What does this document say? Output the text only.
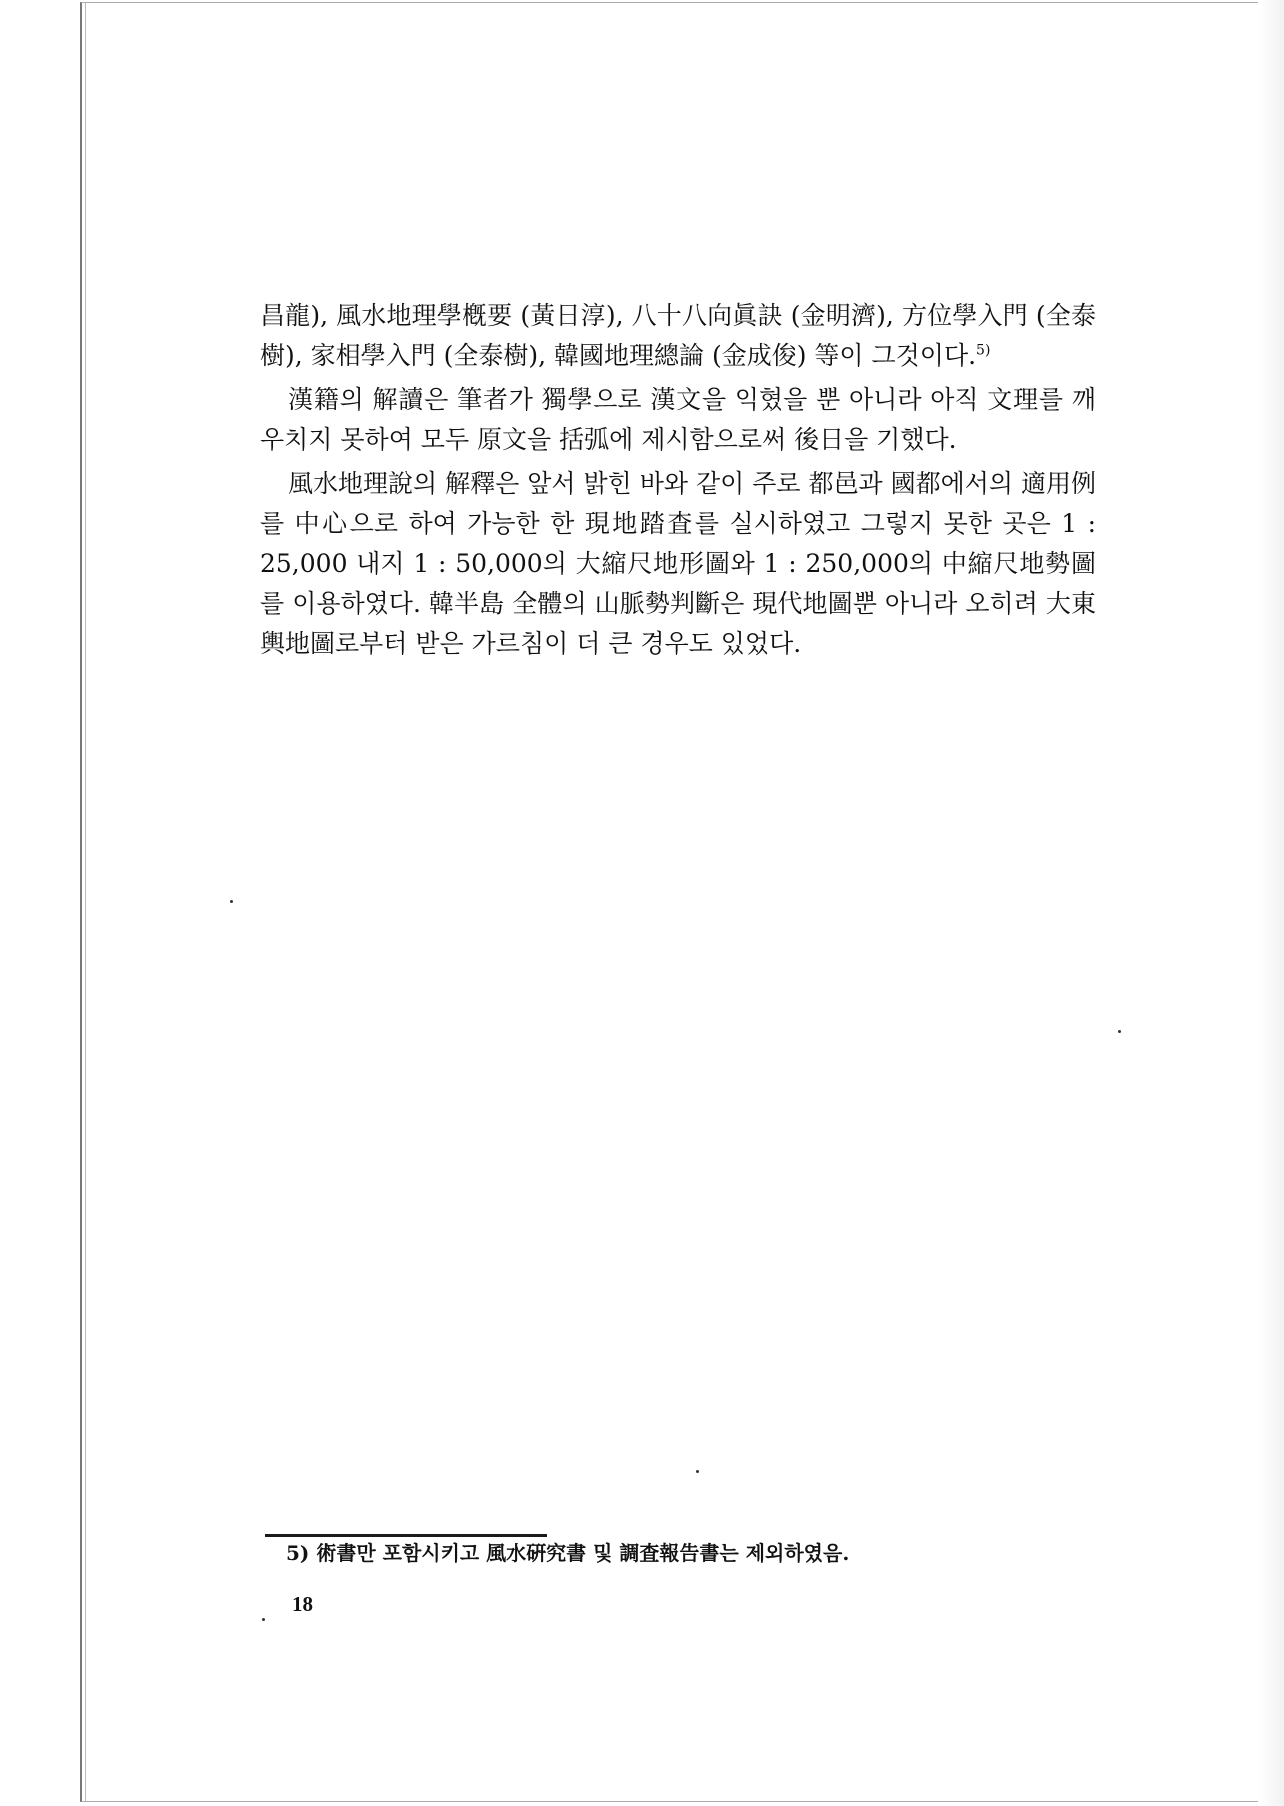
昌龍), 風水地理學槪要 (黃日淳), 八十八向眞訣 (金明濟), 方位學入門 (全泰樹), 家相學入門 (全泰樹), 韓國地理總論 (金成俊) 等이 그것이다.$^{5)}$

漢籍의 解讀은 筆者가 獨學으로 漢文을 익혔을 뿐 아니라 아직 文理를 깨우치지 못하여 모두 原文을 括弧에 제시함으로써 後日을 기했다.

風水地理說의 解釋은 앞서 밝힌 바와 같이 주로 都邑과 國都에서의 適用例를 中心으로 하여 가능한 한 現地踏査를 실시하였고 그렇지 못한 곳은 1 : 25,000 내지 1 : 50,000의 大縮尺地形圖와 1 : 250,000의 中縮尺地勢圖를 이용하였다. 韓半島 全體의 山脈勢判斷은 現代地圖뿐 아니라 오히려 大東輿地圖로부터 받은 가르침이 더 큰 경우도 있었다.

5) 術書만 포함시키고 風水硏究書 및 調査報告書는 제외하였음.
18
